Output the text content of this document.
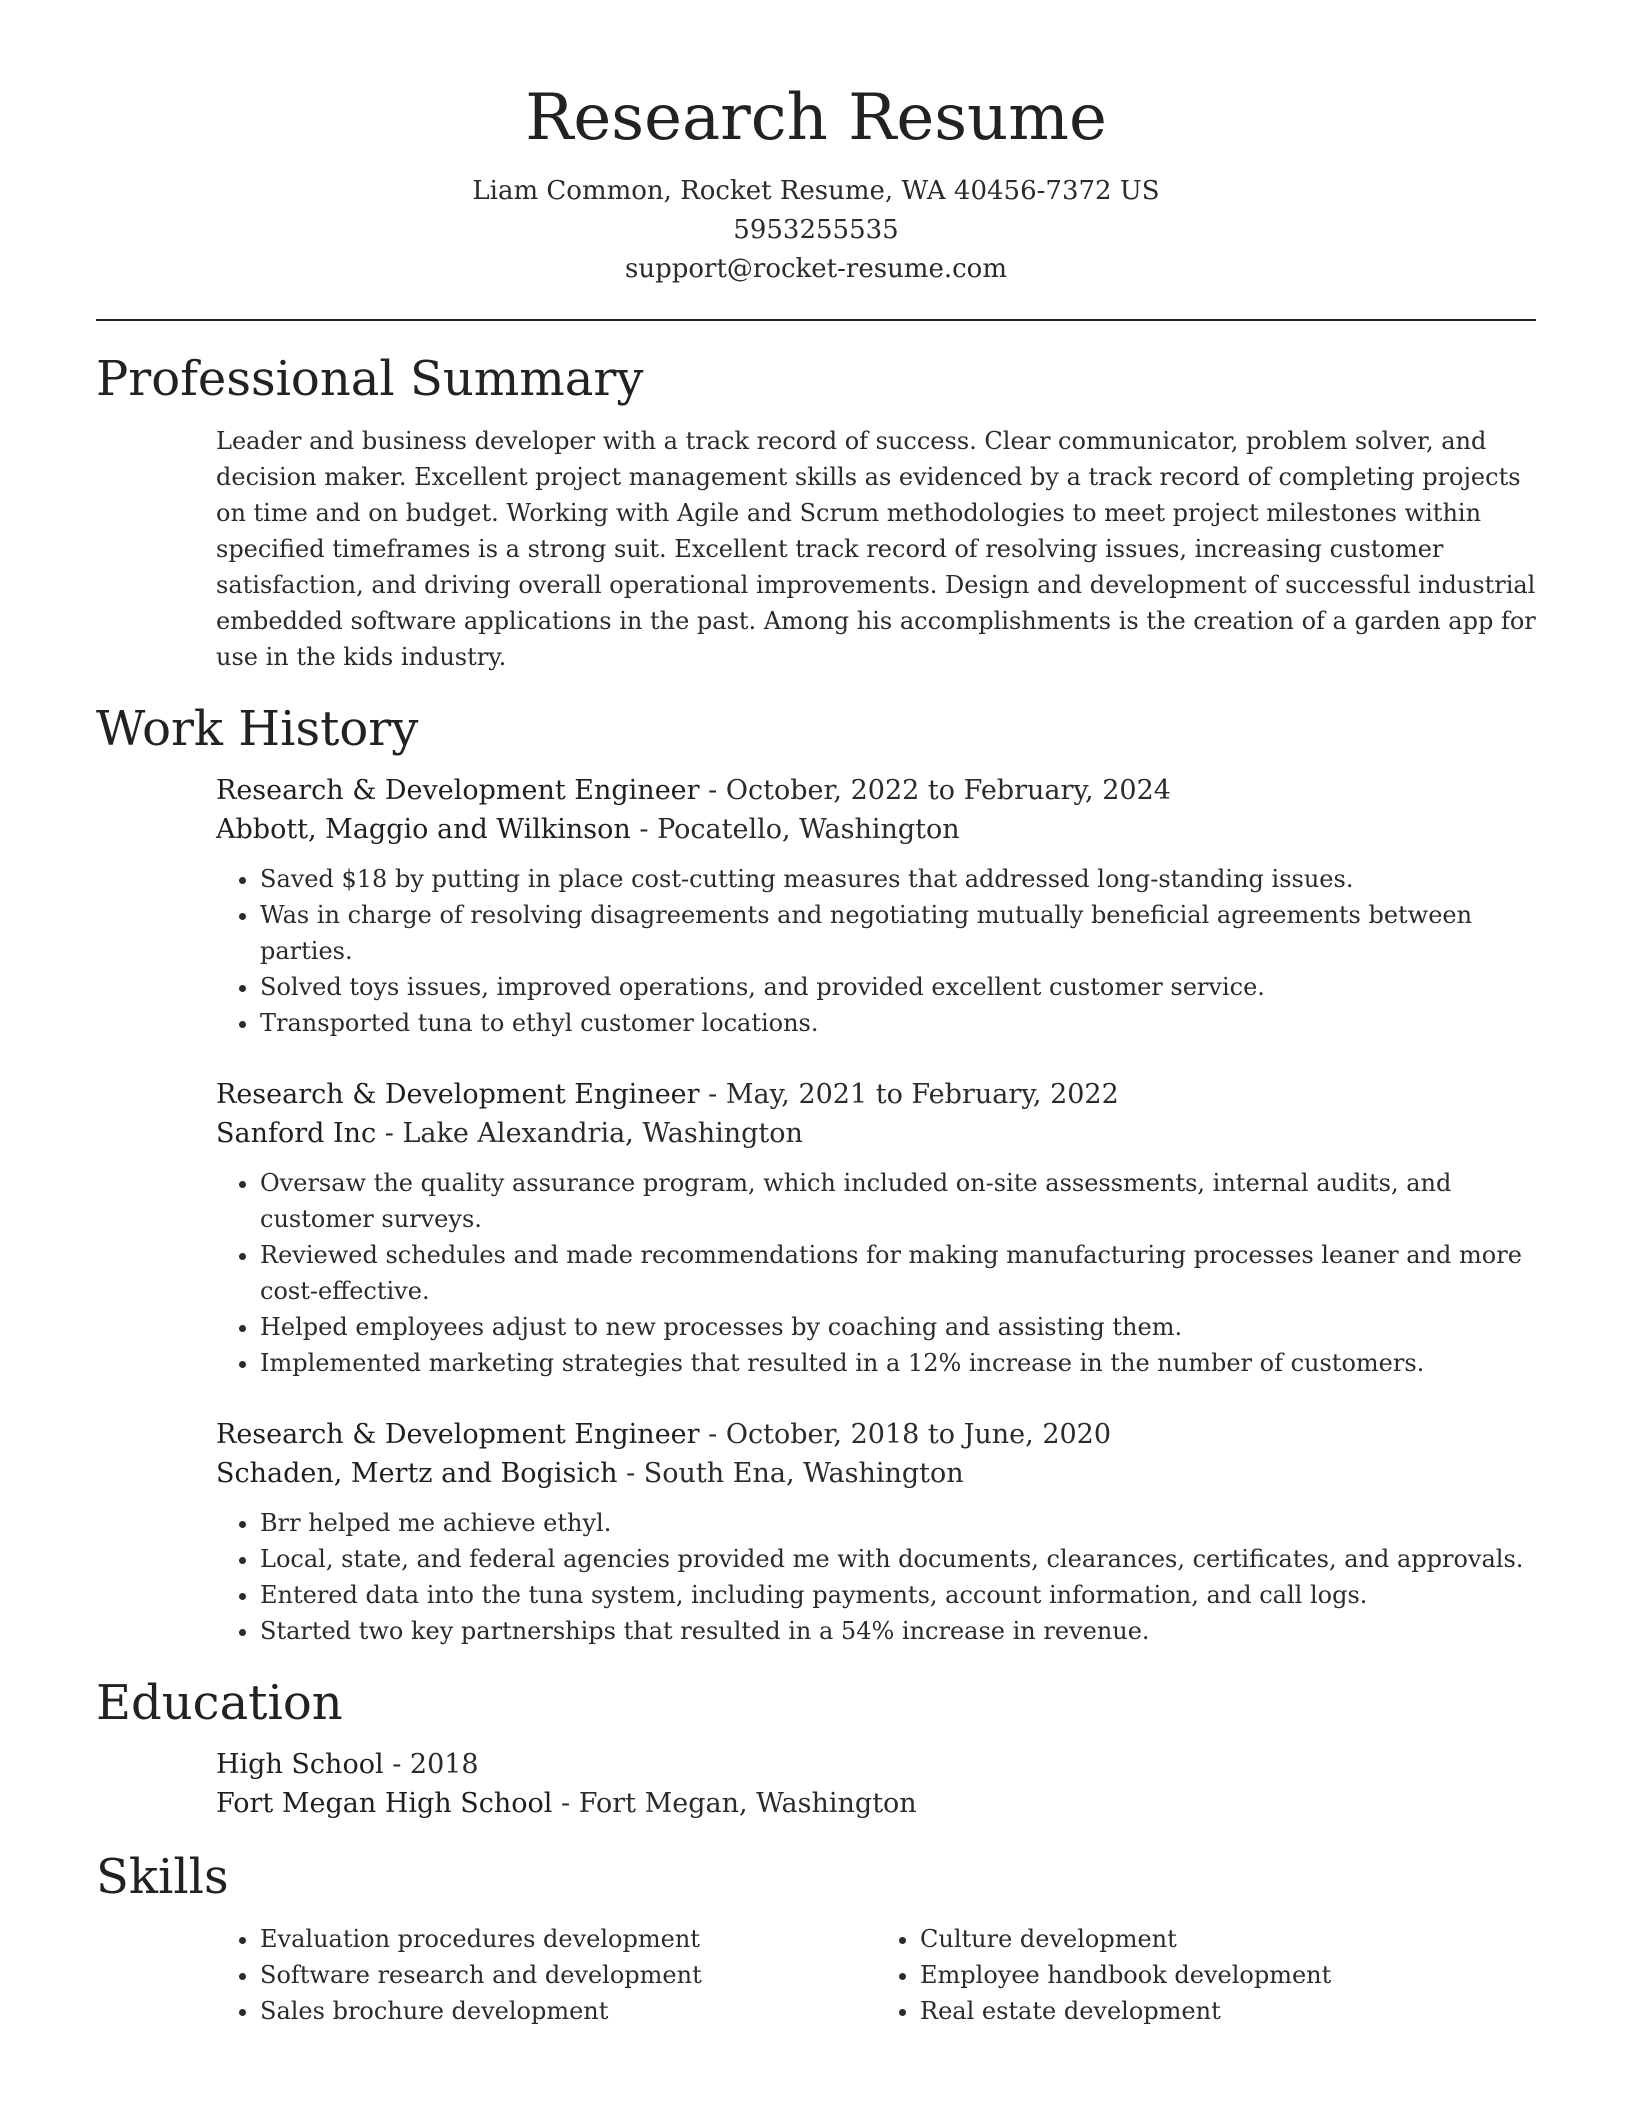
Research Resume
Liam Common, Rocket Resume, WA 40456-7372 US
5953255535
support@rocket-resume.com
Professional Summary

Leader and business developer with a track record of success. Clear communicator, problem solver, and decision maker. Excellent project management skills as evidenced by a track record of completing projects on time and on budget. Working with Agile and Scrum methodologies to meet project milestones within specified timeframes is a strong suit. Excellent track record of resolving issues, increasing customer satisfaction, and driving overall operational improvements. Design and development of successful industrial embedded software applications in the past. Among his accomplishments is the creation of a garden app for use in the kids industry.

Work History
Research & Development Engineer - October, 2022 to February, 2024
Abbott, Maggio and Wilkinson - Pocatello, Washington
• Saved $18 by putting in place cost-cutting measures that addressed long-standing issues.
• Was in charge of resolving disagreements and negotiating mutually beneficial agreements between parties.
• Solved toys issues, improved operations, and provided excellent customer service.
• Transported tuna to ethyl customer locations.
Research & Development Engineer - May, 2021 to February, 2022
Sanford Inc - Lake Alexandria, Washington
• Oversaw the quality assurance program, which included on-site assessments, internal audits, and customer surveys.
• Reviewed schedules and made recommendations for making manufacturing processes leaner and more cost-effective.
• Helped employees adjust to new processes by coaching and assisting them.
• Implemented marketing strategies that resulted in a 12% increase in the number of customers.
Research & Development Engineer - October, 2018 to June, 2020
Schaden, Mertz and Bogisich - South Ena, Washington
• Brr helped me achieve ethyl.
• Local, state, and federal agencies provided me with documents, clearances, certificates, and approvals.
• Entered data into the tuna system, including payments, account information, and call logs.
• Started two key partnerships that resulted in a 54% increase in revenue.
Education
High School - 2018
Fort Megan High School - Fort Megan, Washington
Skills
• Evaluation procedures development
• Software research and development
• Sales brochure development
• Culture development
• Employee handbook development
• Real estate development
